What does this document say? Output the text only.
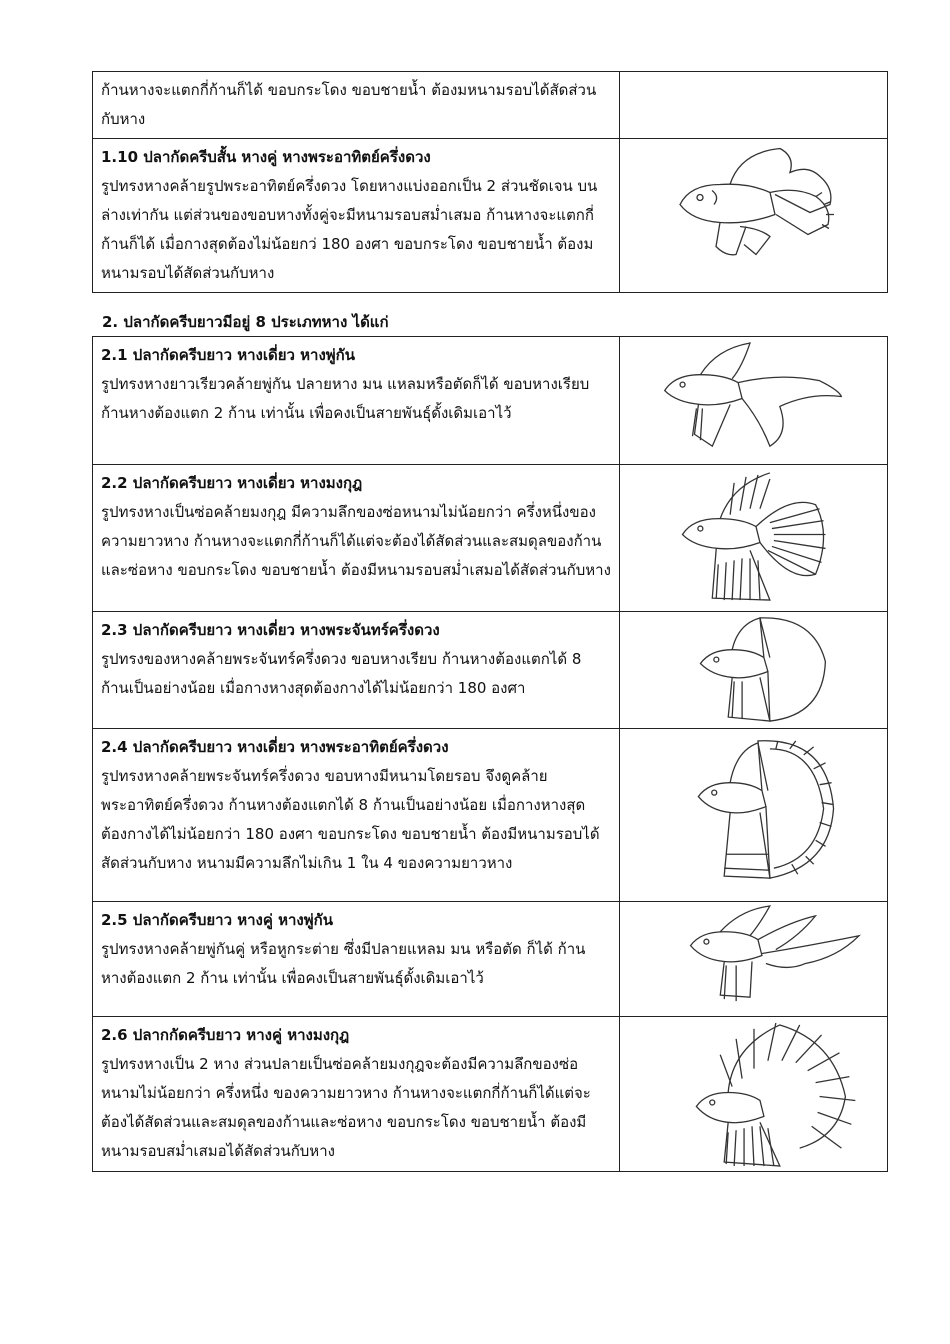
ก้านหางจะแตกกี่ก้านก็ได้ ขอบกระโดง ขอบชายน้ำ ต้องมหนามรอบได้สัดส่วนกับหาง	

1.10 ปลากัดครีบสั้น หางคู่ หางพระอาทิตย์ครึ่งดวง
รูปทรงหางคล้ายรูปพระอาทิตย์ครึ่งดวง โดยหางแบ่งออกเป็น 2 ส่วนชัดเจน บนล่างเท่ากัน แต่ส่วนของขอบหางทั้งคู่จะมีหนามรอบสม่ำเสมอ ก้านหางจะแตกกี่ก้านก็ได้ เมื่อกางสุดต้องไม่น้อยกว่ 180 องศา ขอบกระโดง ขอบชายน้ำ ต้องมหนามรอบได้สัดส่วนกับหาง

2. ปลากัดครีบยาวมีอยู่ 8 ประเภทหาง ได้แก่
2.1 ปลากัดครีบยาว หางเดี่ยว หางพู่กัน
รูปทรงหางยาวเรียวคล้ายพู่กัน ปลายหาง มน แหลมหรือตัดก็ได้ ขอบหางเรียบ ก้านหางต้องแตก 2 ก้าน เท่านั้น เพื่อคงเป็นสายพันธุ์ดั้งเดิมเอาไว้

2.2 ปลากัดครีบยาว หางเดี่ยว หางมงกุฎ
รูปทรงหางเป็นซ่อคล้ายมงกุฎ มีความลึกของซ่อหนามไม่น้อยกว่า ครึ่งหนึ่งของความยาวหาง ก้านหางจะแตกกี่ก้านก็ได้แต่จะต้องได้สัดส่วนและสมดุลของก้านและซ่อหาง ขอบกระโดง ขอบชายน้ำ ต้องมีหนามรอบสม่ำเสมอได้สัดส่วนกับหาง

2.3 ปลากัดครีบยาว หางเดี่ยว หางพระจันทร์ครึ่งดวง
รูปทรงของหางคล้ายพระจันทร์ครึ่งดวง ขอบหางเรียบ ก้านหางต้องแตกได้ 8 ก้านเป็นอย่างน้อย เมื่อกางหางสุดต้องกางได้ไม่น้อยกว่า 180 องศา

2.4 ปลากัดครีบยาว หางเดี่ยว หางพระอาทิตย์ครึ่งดวง
รูปทรงหางคล้ายพระจันทร์ครึ่งดวง ขอบหางมีหนามโดยรอบ จึงดูคล้ายพระอาทิตย์ครึ่งดวง ก้านหางต้องแตกได้ 8 ก้านเป็นอย่างน้อย เมื่อกางหางสุดต้องกางได้ไม่น้อยกว่า 180 องศา ขอบกระโดง ขอบชายน้ำ ต้องมีหนามรอบได้สัดส่วนกับหาง หนามมีความลึกไม่เกิน 1 ใน 4 ของความยาวหาง

2.5 ปลากัดครีบยาว หางคู่ หางพู่กัน
รูปทรงหางคล้ายพู่กันคู่ หรือหูกระต่าย ซึ่งมีปลายแหลม มน หรือตัด ก็ได้ ก้านหางต้องแตก 2 ก้าน เท่านั้น เพื่อคงเป็นสายพันธุ์ดั้งเดิมเอาไว้

2.6 ปลากกัดครีบยาว หางคู่ หางมงกุฎ
รูปทรงหางเป็น 2 หาง ส่วนปลายเป็นซ่อคล้ายมงกุฎจะต้องมีความลึกของซ่อหนามไม่น้อยกว่า ครึ่งหนึ่ง ของความยาวหาง ก้านหางจะแตกกี่ก้านก็ได้แต่จะต้องได้สัดส่วนและสมดุลของก้านและซ่อหาง ขอบกระโดง ขอบชายน้ำ ต้องมีหนามรอบสม่ำเสมอได้สัดส่วนกับหาง
